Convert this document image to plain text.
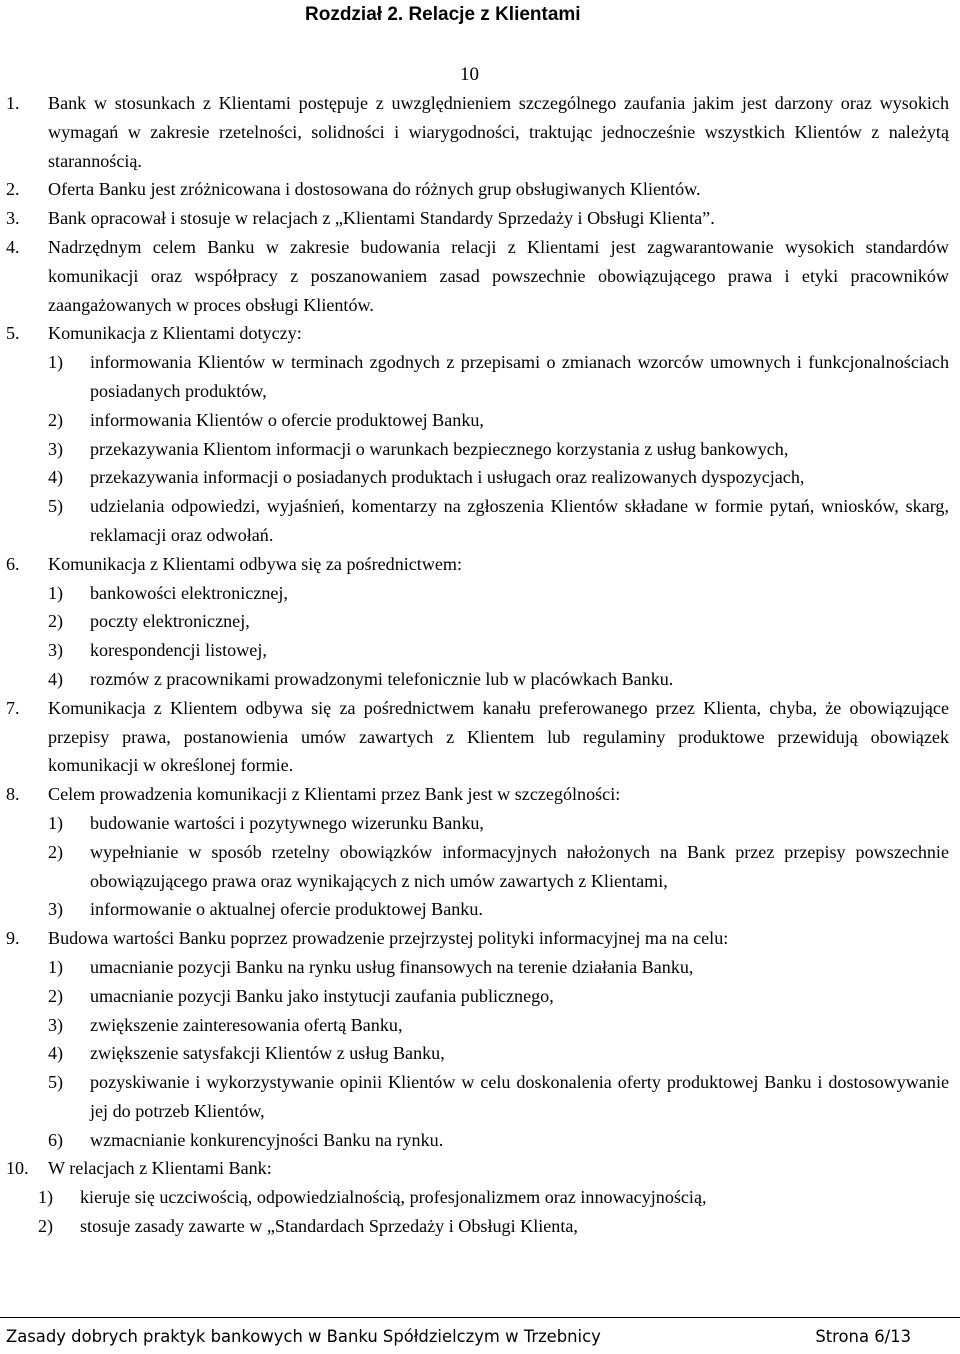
Rozdział 2. Relacje z Klientami
10
1. Bank w stosunkach z Klientami postępuje z uwzględnieniem szczególnego zaufania jakim jest darzony oraz wysokich wymagań w zakresie rzetelności, solidności i wiarygodności, traktując jednocześnie wszystkich Klientów z należytą starannością.
2. Oferta Banku jest zróżnicowana i dostosowana do różnych grup obsługiwanych Klientów.
3. Bank opracował i stosuje w relacjach z „Klientami Standardy Sprzedaży i Obsługi Klienta”.
4. Nadrzędnym celem Banku w zakresie budowania relacji z Klientami jest zagwarantowanie wysokich standardów komunikacji oraz współpracy z poszanowaniem zasad powszechnie obowiązującego prawa i etyki pracowników zaangażowanych w proces obsługi Klientów.
5. Komunikacja z Klientami dotyczy:
1) informowania Klientów w terminach zgodnych z przepisami o zmianach wzorców umownych i funkcjonalnościach posiadanych produktów,
2) informowania Klientów o ofercie produktowej Banku,
3) przekazywania Klientom informacji o warunkach bezpiecznego korzystania z usług bankowych,
4) przekazywania informacji o posiadanych produktach i usługach oraz realizowanych dyspozycjach,
5) udzielania odpowiedzi, wyjaśnień, komentarzy na zgłoszenia Klientów składane w formie pytań, wniosków, skarg, reklamacji oraz odwołań.
6. Komunikacja z Klientami odbywa się za pośrednictwem:
1) bankowości elektronicznej,
2) poczty elektronicznej,
3) korespondencji listowej,
4) rozmów z pracownikami prowadzonymi telefonicznie lub w placówkach Banku.
7. Komunikacja z Klientem odbywa się za pośrednictwem kanału preferowanego przez Klienta, chyba, że obowiązujące przepisy prawa, postanowienia umów zawartych z Klientem lub regulaminy produktowe przewidują obowiązek komunikacji w określonej formie.
8. Celem prowadzenia komunikacji z Klientami przez Bank jest w szczególności:
1) budowanie wartości i pozytywnego wizerunku Banku,
2) wypełnianie w sposób rzetelny obowiązków informacyjnych nałożonych na Bank przez przepisy powszechnie obowiązującego prawa oraz wynikających z nich umów zawartych z Klientami,
3) informowanie o aktualnej ofercie produktowej Banku.
9. Budowa wartości Banku poprzez prowadzenie przejrzystej polityki informacyjnej ma na celu:
1) umacnianie pozycji Banku na rynku usług finansowych na terenie działania Banku,
2) umacnianie pozycji Banku jako instytucji zaufania publicznego,
3) zwiększenie zainteresowania ofertą Banku,
4) zwiększenie satysfakcji Klientów z usług Banku,
5) pozyskiwanie i wykorzystywanie opinii Klientów w celu doskonalenia oferty produktowej Banku i dostosowywanie jej do potrzeb Klientów,
6) wzmacnianie konkurencyjności Banku na rynku.
10. W relacjach z Klientami Bank:
1) kieruje się uczciwością, odpowiedzialnością, profesjonalizmem oraz innowacyjnością,
2) stosuje zasady zawarte w „Standardach Sprzedaży i Obsługi Klienta,
Zasady dobrych praktyk bankowych w Banku Spółdzielczym w Trzebnicy	Strona 6/13
